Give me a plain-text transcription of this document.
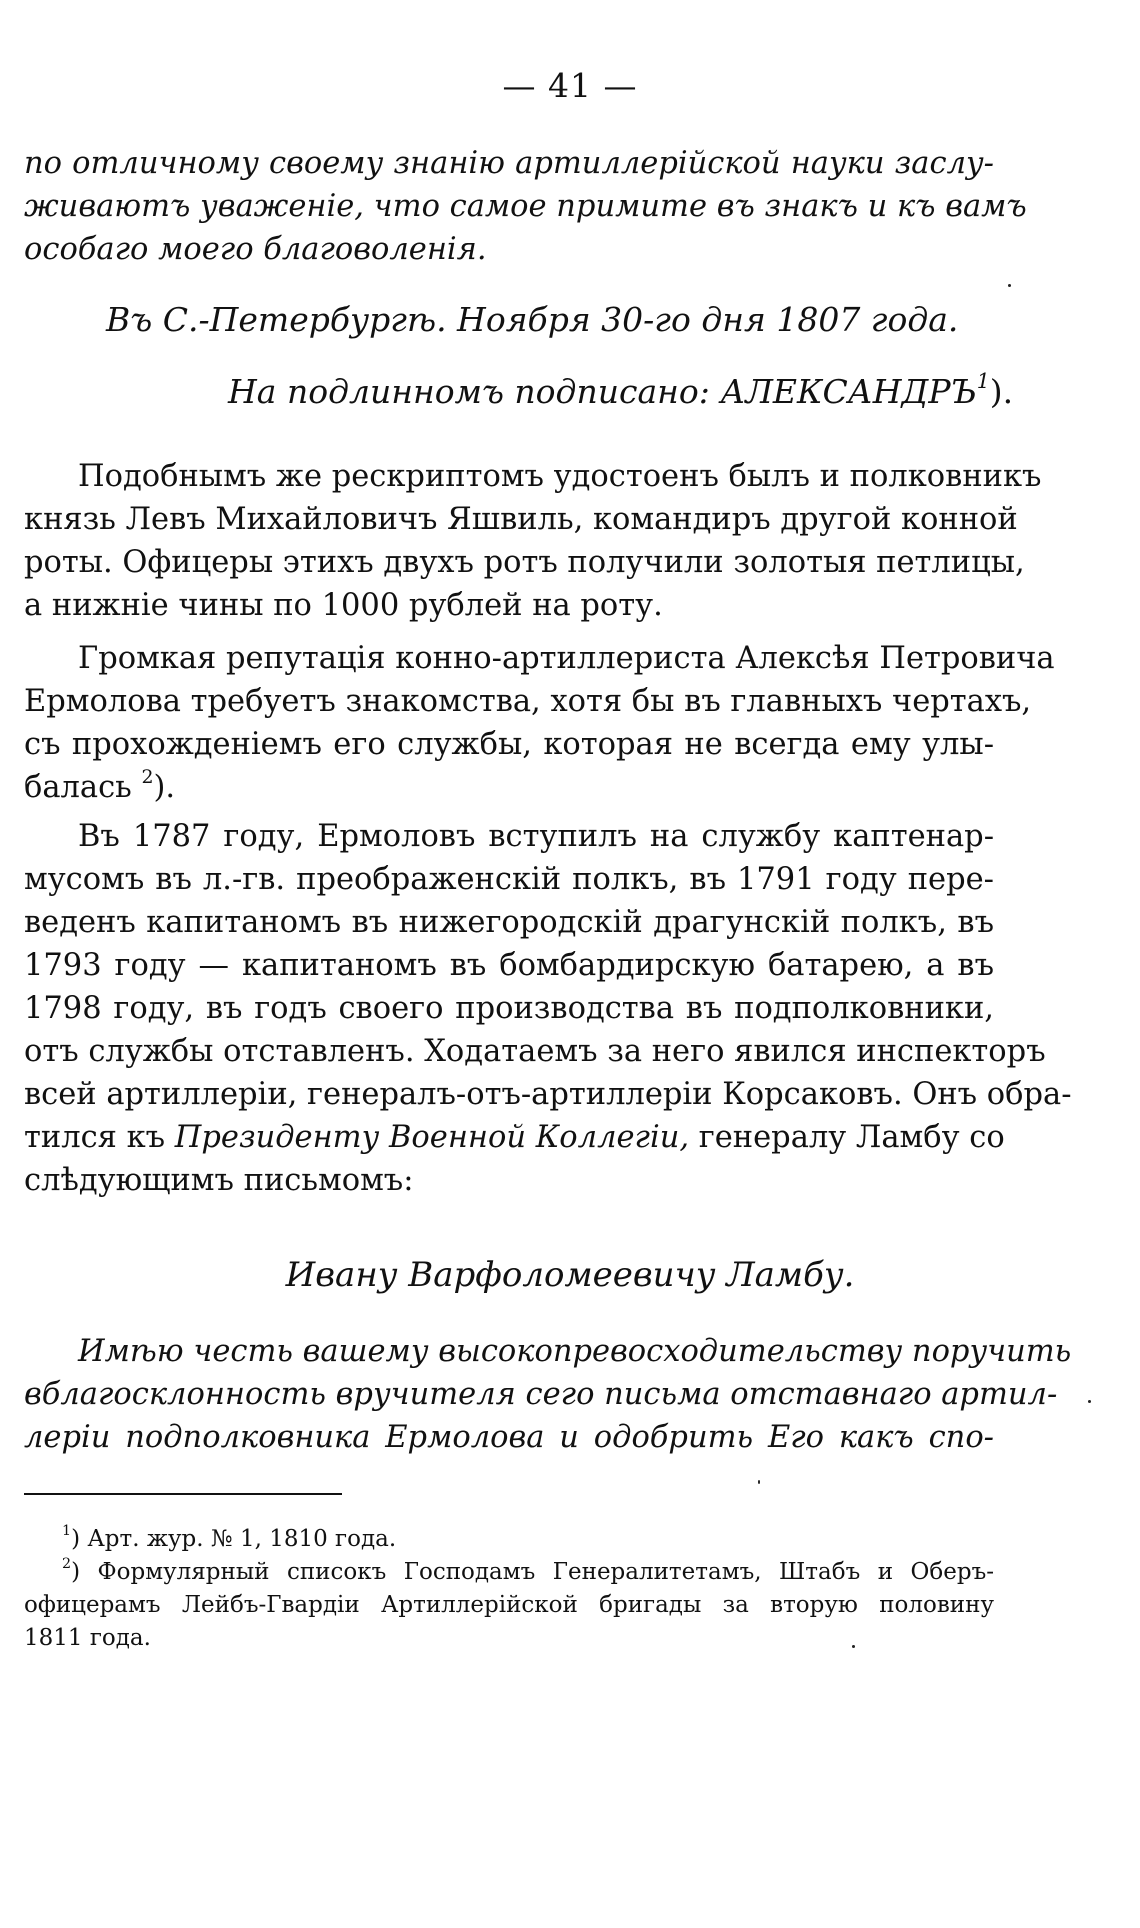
— 41 —
по отличному своему знанію артиллерійской науки заслу-
живаютъ уваженіе, что самое примите въ знакъ и къ вамъ
особаго моего благоволенія.
Въ С.-Петербургѣ. Ноября 30-го дня 1807 года.
На подлинномъ подписано: АЛЕКСАНДРЪ$^1$).
Подобнымъ же рескриптомъ удостоенъ былъ и полковникъ
князь Левъ Михайловичъ Яшвиль, командиръ другой конной
роты. Офицеры этихъ двухъ ротъ получили золотыя петлицы,
а нижніе чины по 1000 рублей на роту.
Громкая репутація конно-артиллериста Алексѣя Петровича
Ермолова требуетъ знакомства, хотя бы въ главныхъ чертахъ,
съ прохожденіемъ его службы, которая не всегда ему улы-
балась $^2$).
Въ 1787 году, Ермоловъ вступилъ на службу каптенар-
мусомъ въ л.-гв. преображенскій полкъ, въ 1791 году пере-
веденъ капитаномъ въ нижегородскій драгунскій полкъ, въ
1793 году — капитаномъ въ бомбардирскую батарею, а въ
1798 году, въ годъ своего производства въ подполковники,
отъ службы отставленъ. Ходатаемъ за него явился инспекторъ
всей артиллеріи, генералъ-отъ-артиллеріи Корсаковъ. Онъ обра-
тился къ Президенту Военной Коллегіи, генералу Ламбу со
слѣдующимъ письмомъ:
Ивану Варфоломеевичу Ламбу.
Имѣю честь вашему высокопревосходительству поручить
вблагосклонность вручителя сего письма отставнаго артил-
леріи подполковника Ермолова и одобрить Его какъ спо-
$^1$) Арт. жур. № 1, 1810 года.
$^2$) Формулярный списокъ Господамъ Генералитетамъ, Штабъ и Оберъ-
офицерамъ Лейбъ-Гвардіи Артиллерійской бригады за вторую половину
1811 года.
